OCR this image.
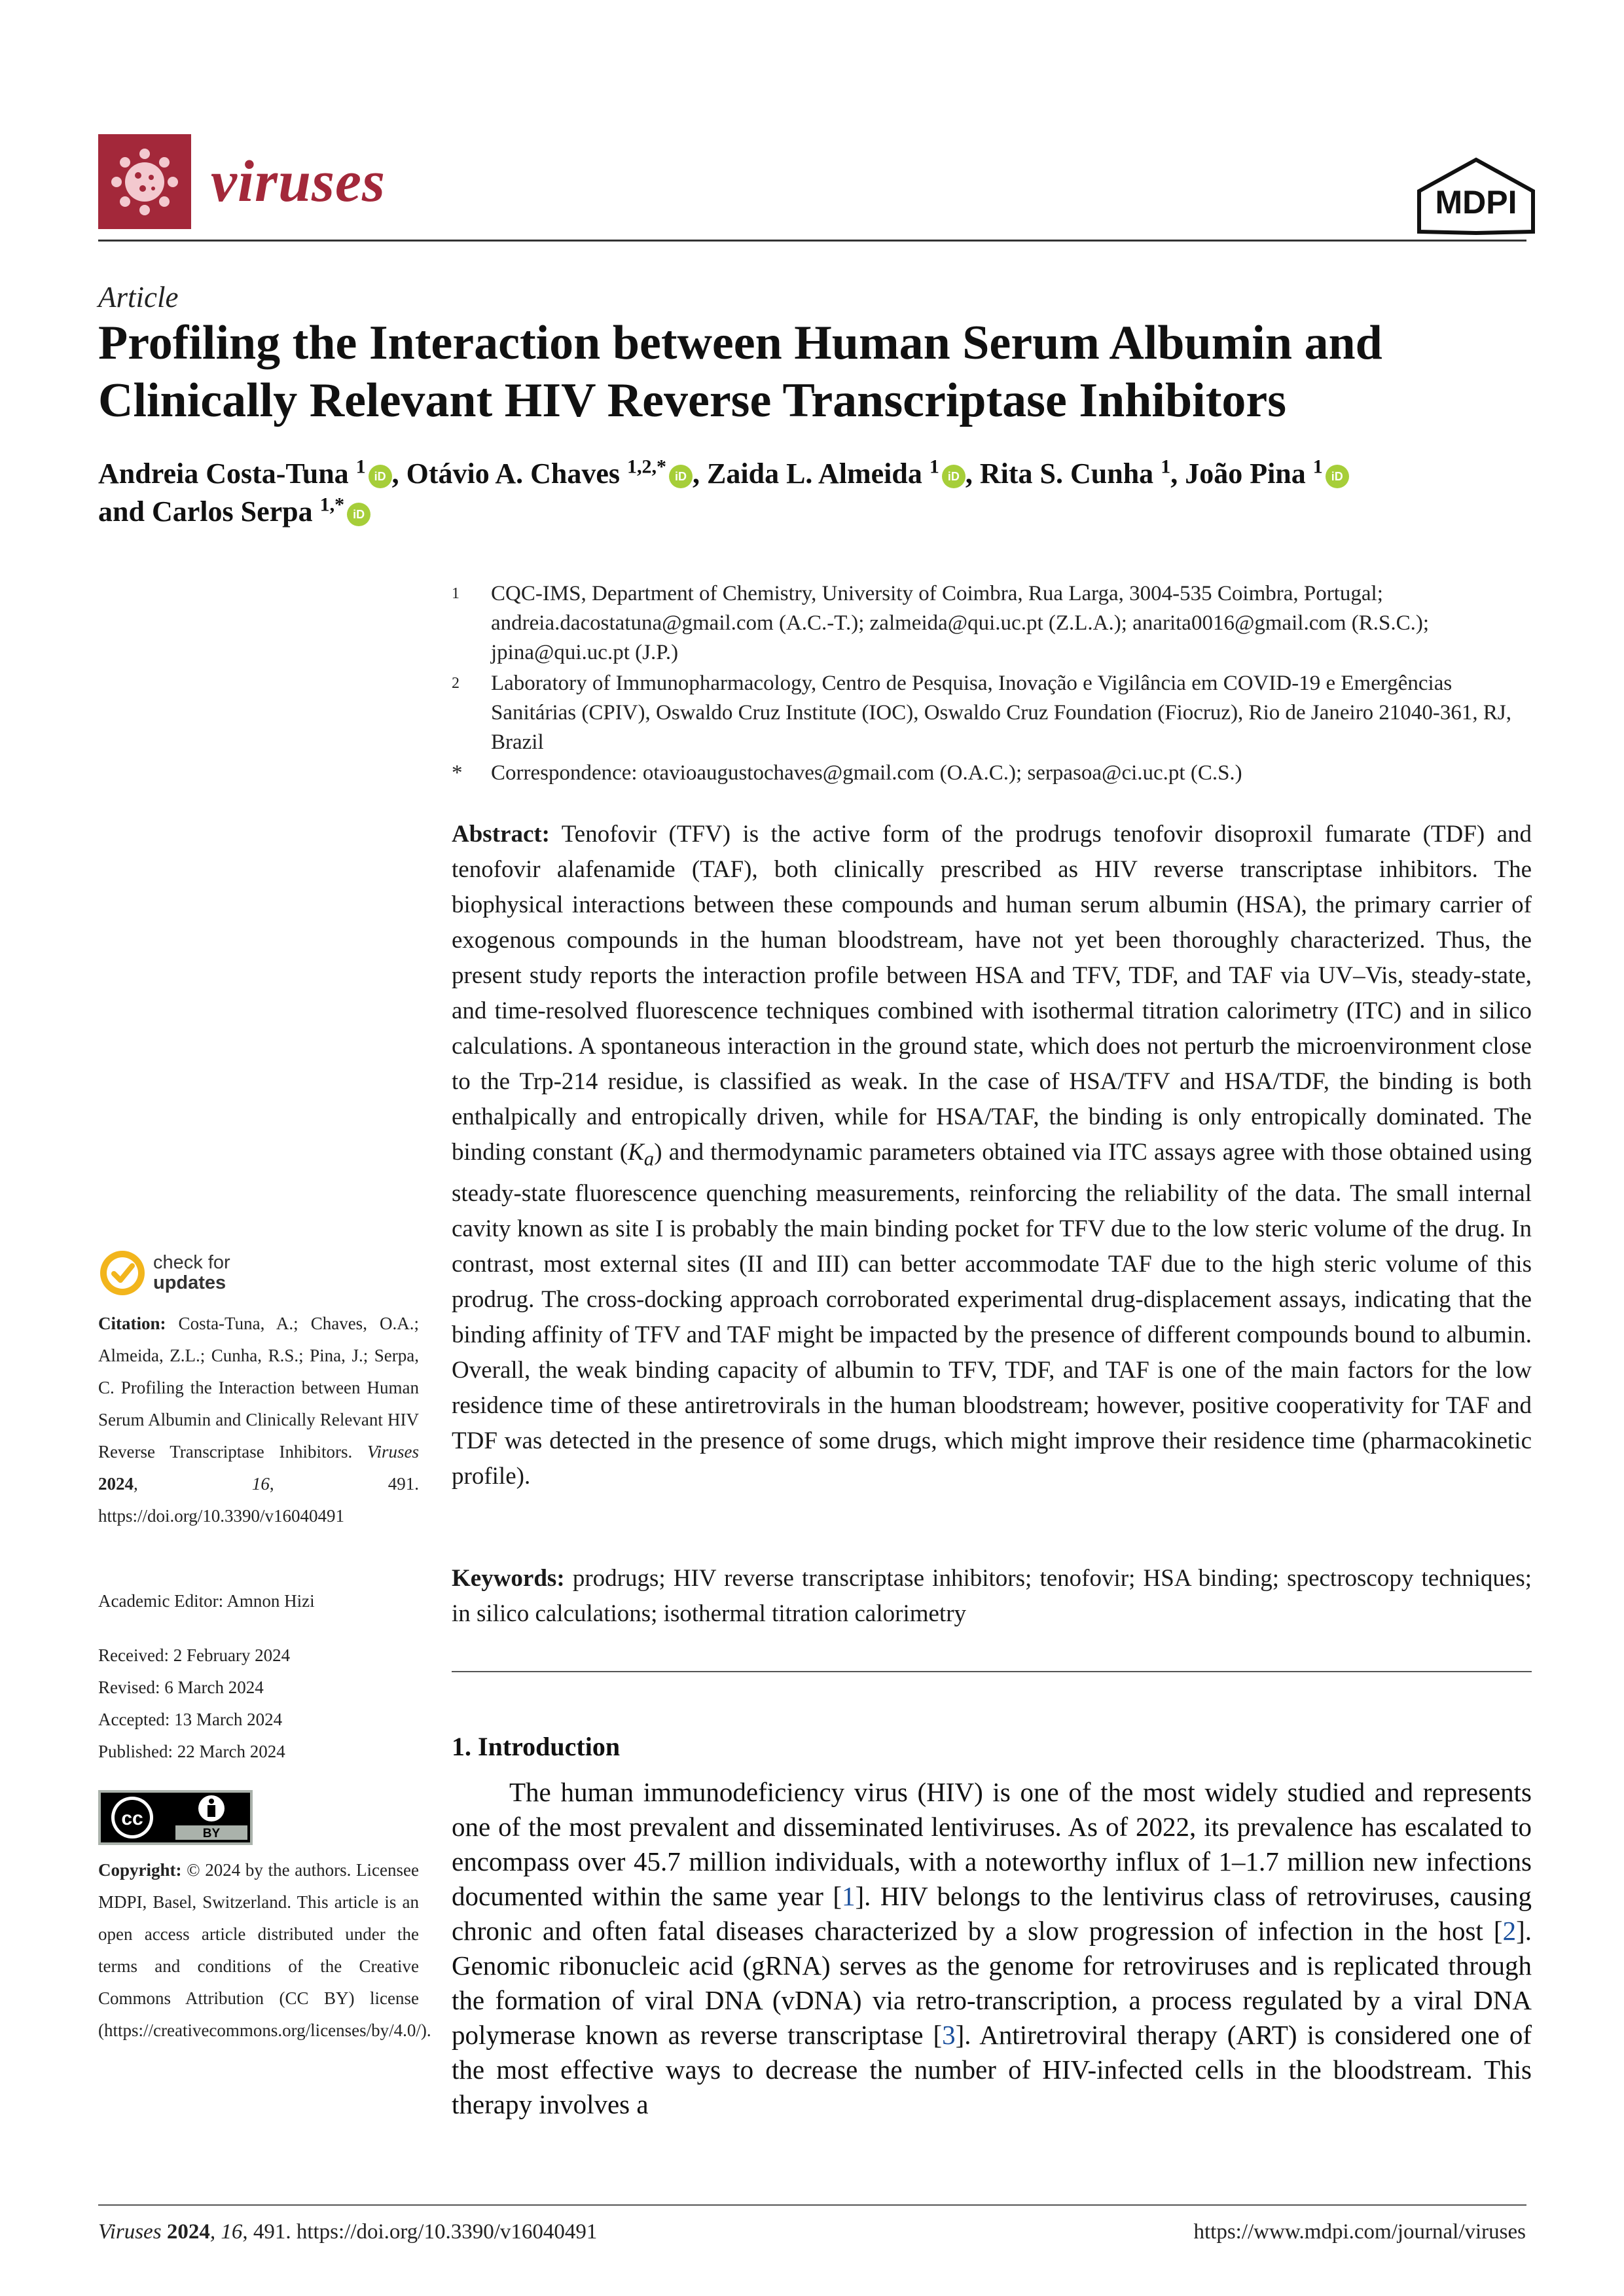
viruses	MDPI
Article
Profiling the Interaction between Human Serum Albumin and Clinically Relevant HIV Reverse Transcriptase Inhibitors
Andreia Costa-Tuna $^1$ iD , Otávio A. Chaves $^{1,2,*}$ iD , Zaida L. Almeida $^1$ iD , Rita S. Cunha $^1$, João Pina $^1$ iD
and Carlos Serpa $^{1,*}$ iD
1	CQC-IMS, Department of Chemistry, University of Coimbra, Rua Larga, 3004-535 Coimbra, Portugal; andreia.dacostatuna@gmail.com (A.C.-T.); zalmeida@qui.uc.pt (Z.L.A.); anarita0016@gmail.com (R.S.C.); jpina@qui.uc.pt (J.P.)
2	Laboratory of Immunopharmacology, Centro de Pesquisa, Inovação e Vigilância em COVID-19 e Emergências Sanitárias (CPIV), Oswaldo Cruz Institute (IOC), Oswaldo Cruz Foundation (Fiocruz), Rio de Janeiro 21040-361, RJ, Brazil
*	Correspondence: otavioaugustochaves@gmail.com (O.A.C.); serpasoa@ci.uc.pt (C.S.)
Abstract: Tenofovir (TFV) is the active form of the prodrugs tenofovir disoproxil fumarate (TDF) and tenofovir alafenamide (TAF), both clinically prescribed as HIV reverse transcriptase inhibitors. The biophysical interactions between these compounds and human serum albumin (HSA), the primary carrier of exogenous compounds in the human bloodstream, have not yet been thoroughly characterized. Thus, the present study reports the interaction profile between HSA and TFV, TDF, and TAF via UV–Vis, steady-state, and time-resolved fluorescence techniques combined with isothermal titration calorimetry (ITC) and in silico calculations. A spontaneous interaction in the ground state, which does not perturb the microenvironment close to the Trp-214 residue, is classified as weak. In the case of HSA/TFV and HSA/TDF, the binding is both enthalpically and entropically driven, while for HSA/TAF, the binding is only entropically dominated. The binding constant $(K_a)$ and thermodynamic parameters obtained via ITC assays agree with those obtained using steady-state fluorescence quenching measurements, reinforcing the reliability of the data. The small internal cavity known as site I is probably the main binding pocket for TFV due to the low steric volume of the drug. In contrast, most external sites (II and III) can better accommodate TAF due to the high steric volume of this prodrug. The cross-docking approach corroborated experimental drug-displacement assays, indicating that the binding affinity of TFV and TAF might be impacted by the presence of different compounds bound to albumin. Overall, the weak binding capacity of albumin to TFV, TDF, and TAF is one of the main factors for the low residence time of these antiretrovirals in the human bloodstream; however, positive cooperativity for TAF and TDF was detected in the presence of some drugs, which might improve their residence time (pharmacokinetic profile).
Keywords: prodrugs; HIV reverse transcriptase inhibitors; tenofovir; HSA binding; spectroscopy techniques; in silico calculations; isothermal titration calorimetry
1. Introduction
The human immunodeficiency virus (HIV) is one of the most widely studied and represents one of the most prevalent and disseminated lentiviruses. As of 2022, its prevalence has escalated to encompass over 45.7 million individuals, with a noteworthy influx of 1–1.7 million new infections documented within the same year [1]. HIV belongs to the lentivirus class of retroviruses, causing chronic and often fatal diseases characterized by a slow progression of infection in the host [2]. Genomic ribonucleic acid (gRNA) serves as the genome for retroviruses and is replicated through the formation of viral DNA (vDNA) via retro-transcription, a process regulated by a viral DNA polymerase known as reverse transcriptase [3]. Antiretroviral therapy (ART) is considered one of the most effective ways to decrease the number of HIV-infected cells in the bloodstream. This therapy involves a
check for
updates
Citation: Costa-Tuna, A.; Chaves, O.A.; Almeida, Z.L.; Cunha, R.S.; Pina, J.; Serpa, C. Profiling the Interaction between Human Serum Albumin and Clinically Relevant HIV Reverse Transcriptase Inhibitors. Viruses 2024, 16, 491. https://doi.org/10.3390/v16040491
Academic Editor: Amnon Hizi
Received: 2 February 2024
Revised: 6 March 2024
Accepted: 13 March 2024
Published: 22 March 2024
cc
BY
Copyright: © 2024 by the authors. Licensee MDPI, Basel, Switzerland. This article is an open access article distributed under the terms and conditions of the Creative Commons Attribution (CC BY) license (https://creativecommons.org/licenses/by/4.0/).
Viruses 2024, 16, 491. https://doi.org/10.3390/v16040491	https://www.mdpi.com/journal/viruses
